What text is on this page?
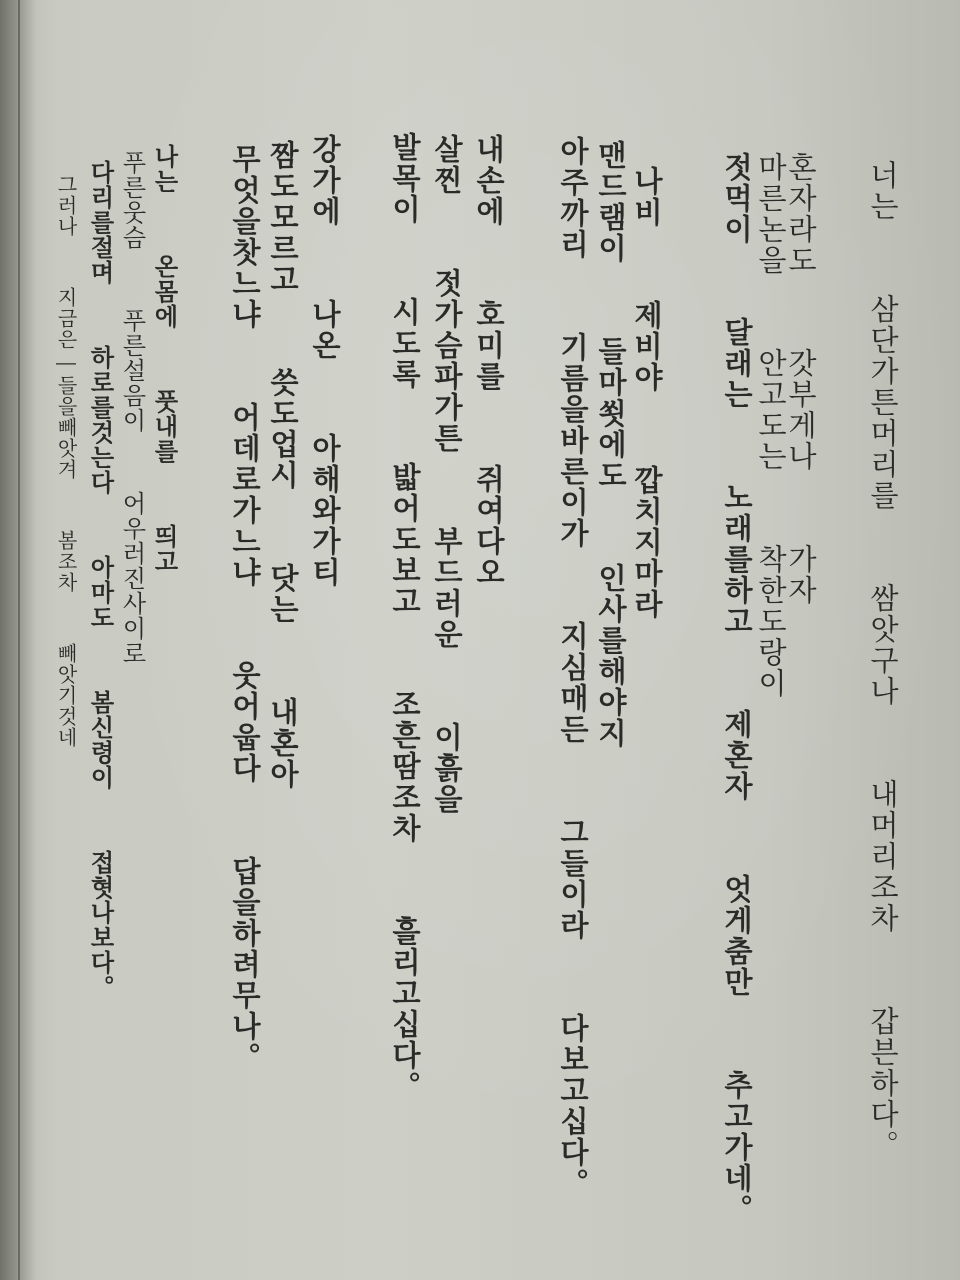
너는  삼단가튼머리를  쌈앗구나  내머리조차  갑븐하다。
혼자라도  갓부게나  가자
마른논을  안고도는  착한도랑이
젓먹이  달래는  노래를하고  제혼자  엇게춤만  추고가네。
나비  제비야  깝치지마라
맨드램이  들마쐿에도  인사를해야지
아주까리  기름을바른이가  지심매든  그들이라  다보고십다。
내손에  호미를  쥐여다오
살찐  젓가슴파가튼  부드러운  이흙을
발목이  시도록  밟어도보고  조흔땀조차  흘리고십다。
강가에  나온  아해와가티
짬도모르고  씃도업시  닷는  내혼아
무엇을찻느냐  어데로가느냐  웃어웁다  답을하려무나。
나는  온몸에  풋내를  띄고
푸른웃슴  푸른설음이  어우러진사이로
다리를절며  하로를것는다  아마도  봄신령이  접혓나보다。
그러나  지금은―들을빼앗겨  봄조차  빼앗기것네
